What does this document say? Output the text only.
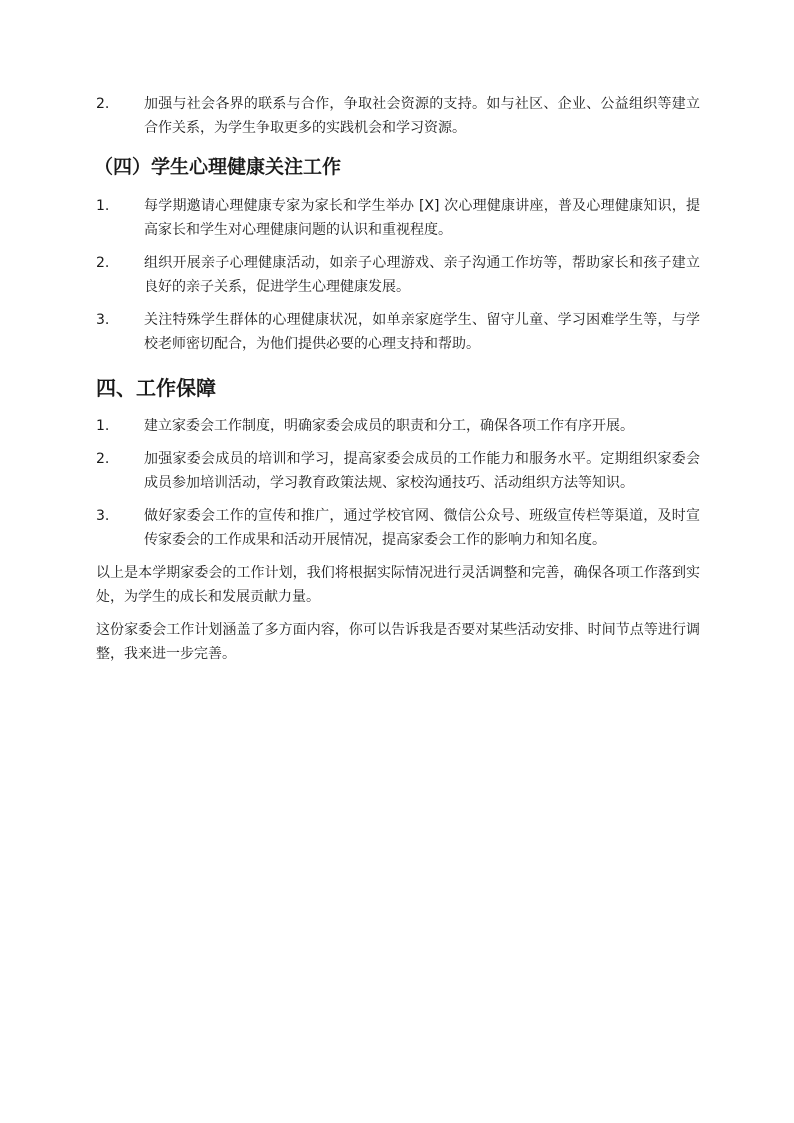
2.	加强与社会各界的联系与合作，争取社会资源的支持。如与社区、企业、公益组织等建立合作关系，为学生争取更多的实践机会和学习资源。
（四）学生心理健康关注工作
1.	每学期邀请心理健康专家为家长和学生举办 [X] 次心理健康讲座，普及心理健康知识，提高家长和学生对心理健康问题的认识和重视程度。
2.	组织开展亲子心理健康活动，如亲子心理游戏、亲子沟通工作坊等，帮助家长和孩子建立良好的亲子关系，促进学生心理健康发展。
3.	关注特殊学生群体的心理健康状况，如单亲家庭学生、留守儿童、学习困难学生等，与学校老师密切配合，为他们提供必要的心理支持和帮助。
四、工作保障
1.	建立家委会工作制度，明确家委会成员的职责和分工，确保各项工作有序开展。
2.	加强家委会成员的培训和学习，提高家委会成员的工作能力和服务水平。定期组织家委会成员参加培训活动，学习教育政策法规、家校沟通技巧、活动组织方法等知识。
3.	做好家委会工作的宣传和推广，通过学校官网、微信公众号、班级宣传栏等渠道，及时宣传家委会的工作成果和活动开展情况，提高家委会工作的影响力和知名度。

以上是本学期家委会的工作计划，我们将根据实际情况进行灵活调整和完善，确保各项工作落到实处，为学生的成长和发展贡献力量。

这份家委会工作计划涵盖了多方面内容，你可以告诉我是否要对某些活动安排、时间节点等进行调整，我来进一步完善。
